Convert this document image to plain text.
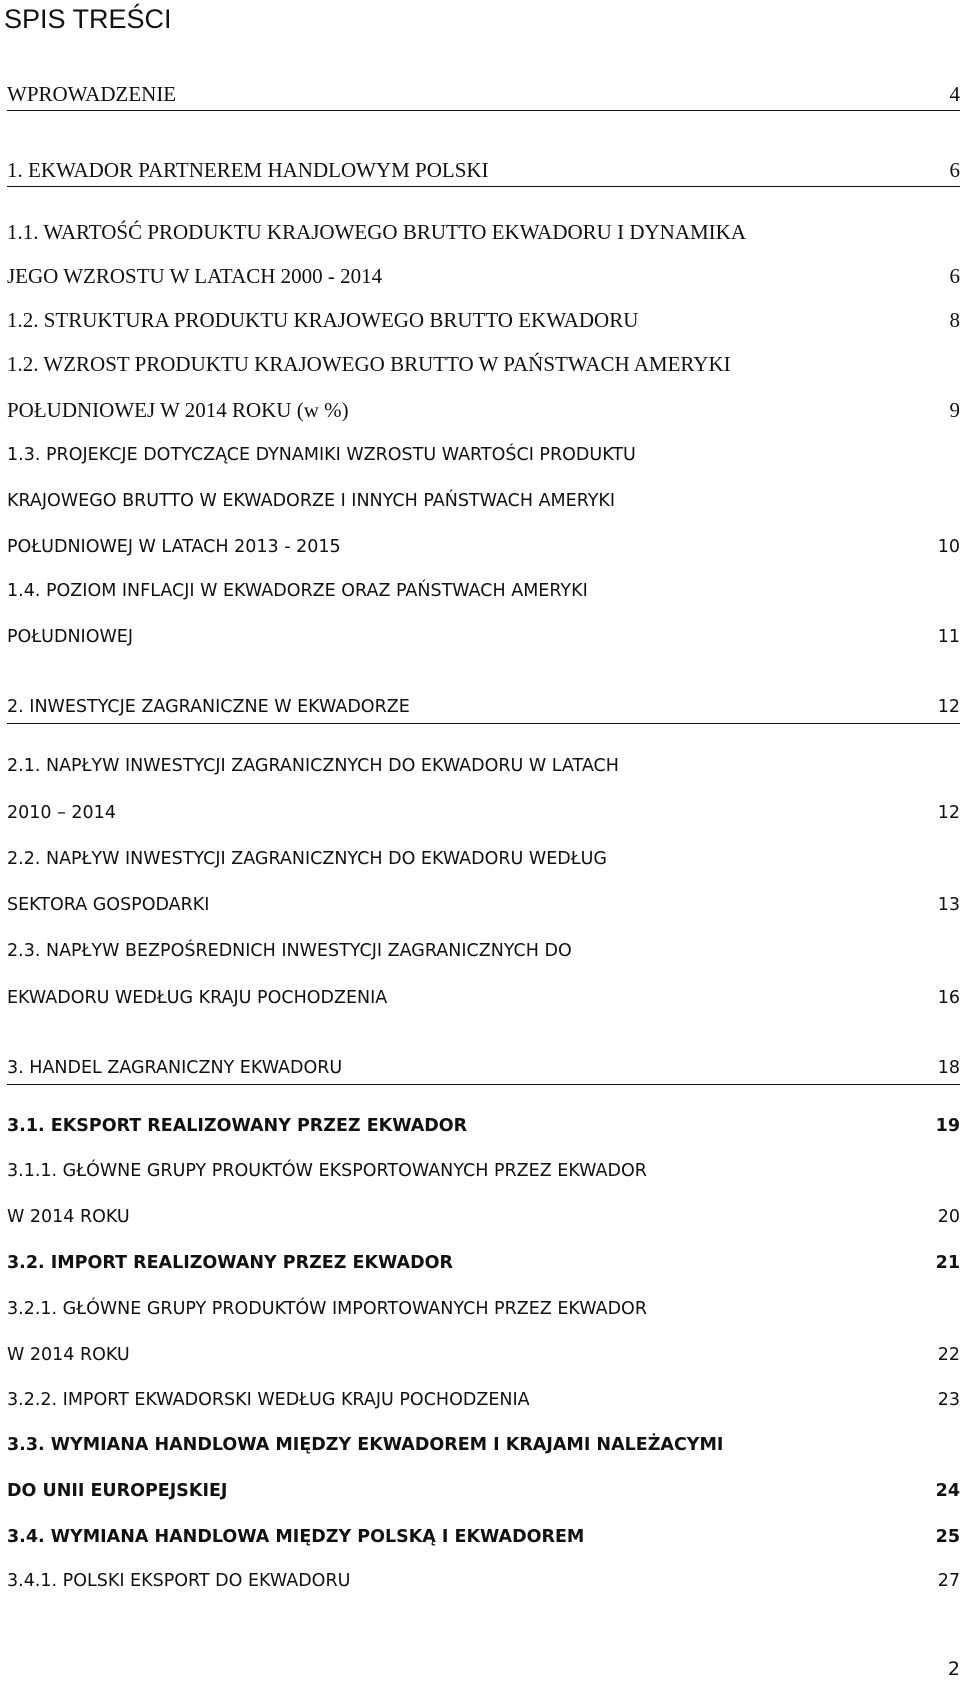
SPIS TREŚCI
WPROWADZENIE	4
1. EKWADOR PARTNEREM HANDLOWYM POLSKI	6
1.1. WARTOŚĆ PRODUKTU KRAJOWEGO BRUTTO EKWADORU I DYNAMIKA
JEGO WZROSTU W LATACH 2000 - 2014	6
1.2. STRUKTURA PRODUKTU KRAJOWEGO BRUTTO EKWADORU	8
1.2. WZROST PRODUKTU KRAJOWEGO BRUTTO W PAŃSTWACH AMERYKI
POŁUDNIOWEJ W 2014 ROKU (w %)	9
1.3. PROJEKCJE DOTYCZĄCE DYNAMIKI WZROSTU WARTOŚCI PRODUKTU
KRAJOWEGO BRUTTO W EKWADORZE I INNYCH PAŃSTWACH AMERYKI
POŁUDNIOWEJ W LATACH 2013 - 2015	10
1.4. POZIOM INFLACJI W EKWADORZE ORAZ PAŃSTWACH AMERYKI
POŁUDNIOWEJ	11
2. INWESTYCJE ZAGRANICZNE W EKWADORZE	12
2.1. NAPŁYW INWESTYCJI ZAGRANICZNYCH DO EKWADORU W LATACH
2010 – 2014	12
2.2. NAPŁYW INWESTYCJI ZAGRANICZNYCH DO EKWADORU WEDŁUG
SEKTORA GOSPODARKI	13
2.3. NAPŁYW BEZPOŚREDNICH INWESTYCJI ZAGRANICZNYCH DO
EKWADORU WEDŁUG KRAJU POCHODZENIA	16
3. HANDEL ZAGRANICZNY EKWADORU	18
3.1. EKSPORT REALIZOWANY PRZEZ EKWADOR	19
3.1.1. GŁÓWNE GRUPY PROUKTÓW EKSPORTOWANYCH PRZEZ EKWADOR
W 2014 ROKU	20
3.2. IMPORT REALIZOWANY PRZEZ EKWADOR	21
3.2.1. GŁÓWNE GRUPY PRODUKTÓW IMPORTOWANYCH PRZEZ EKWADOR
W 2014 ROKU	22
3.2.2. IMPORT EKWADORSKI WEDŁUG KRAJU POCHODZENIA	23
3.3. WYMIANA HANDLOWA MIĘDZY EKWADOREM I KRAJAMI NALEŻACYMI
DO UNII EUROPEJSKIEJ	24
3.4. WYMIANA HANDLOWA MIĘDZY POLSKĄ I EKWADOREM	25
3.4.1. POLSKI EKSPORT DO EKWADORU	27
2
